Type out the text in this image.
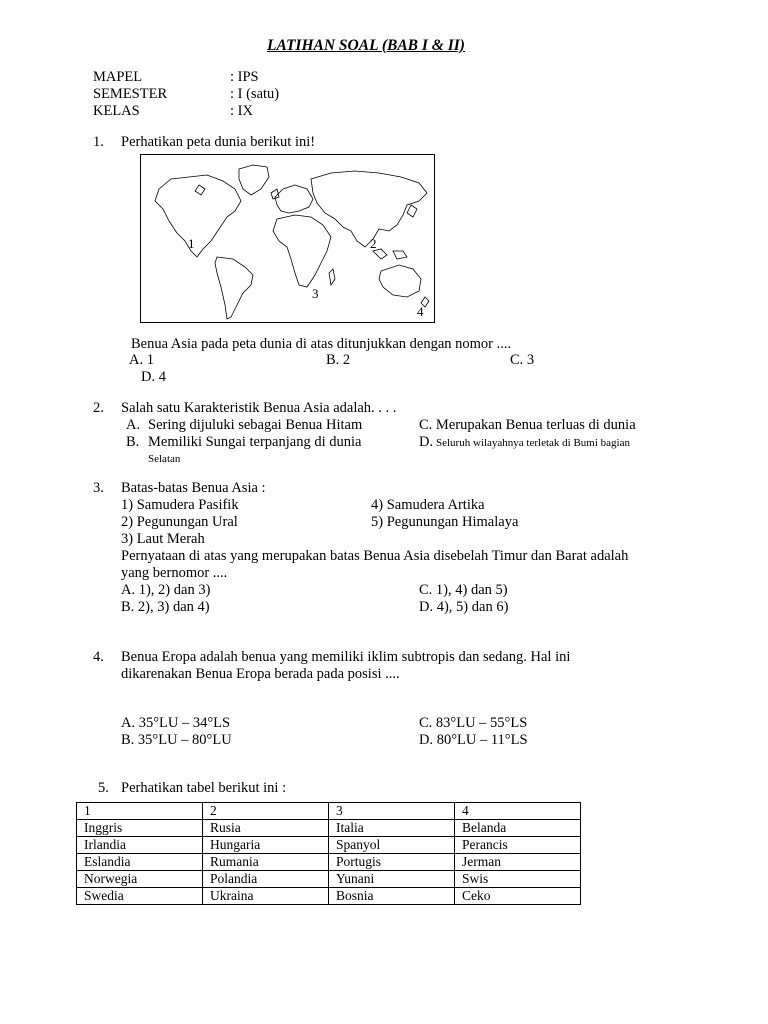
LATIHAN SOAL (BAB I & II)
MAPEL	: IPS
SEMESTER	: I (satu)
KELAS	: IX
1. Perhatikan peta dunia berikut ini!
1	2
3
4
Benua Asia pada peta dunia di atas ditunjukkan dengan nomor ....
A. 1	B. 2	C. 3
D. 4
2. Salah satu Karakteristik Benua Asia adalah. . . .
A. Sering dijuluki sebagai Benua Hitam	C. Merupakan Benua terluas di dunia
B. Memiliki Sungai terpanjang di dunia	D. Seluruh wilayahnya terletak di Bumi bagian
Selatan
3. Batas-batas Benua Asia :
1) Samudera Pasifik	4) Samudera Artika
2) Pegunungan Ural	5) Pegunungan Himalaya
3) Laut Merah
Pernyataan di atas yang merupakan batas Benua Asia disebelah Timur dan Barat adalah
yang bernomor ....
A. 1), 2) dan 3)	C. 1), 4) dan 5)
B. 2), 3) dan 4)	D. 4), 5) dan 6)
4. Benua Eropa adalah benua yang memiliki iklim subtropis dan sedang. Hal ini
dikarenakan Benua Eropa berada pada posisi ....
A. 35°LU – 34°LS	C. 83°LU – 55°LS
B. 35°LU – 80°LU	D. 80°LU – 11°LS
5. Perhatikan tabel berikut ini :
1	2	3	4
Inggris	Rusia	Italia	Belanda
Irlandia	Hungaria	Spanyol	Perancis
Eslandia	Rumania	Portugis	Jerman
Norwegia	Polandia	Yunani	Swis
Swedia	Ukraina	Bosnia	Ceko
